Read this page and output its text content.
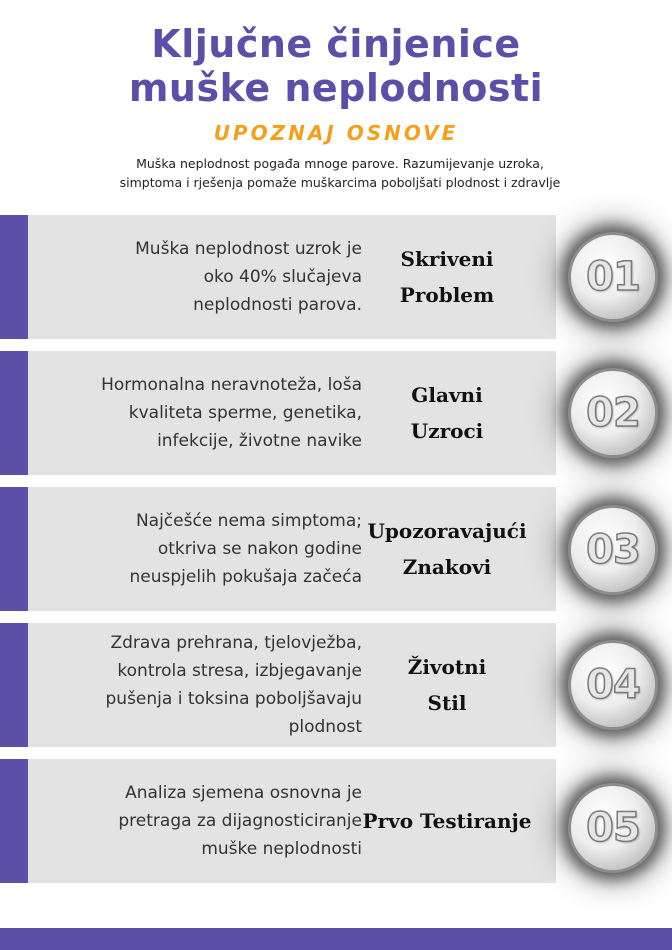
Ključne činjenice
muške neplodnosti
UPOZNAJ OSNOVE
Muška neplodnost pogađa mnoge parove. Razumijevanje uzroka,
simptoma i rješenja pomaže muškarcima poboljšati plodnost i zdravlje
Muška neplodnost uzrok je
oko 40% slučajeva
neplodnosti parova.
Skriveni
Problem 01
Hormonalna neravnoteža, loša
kvaliteta sperme, genetika,
infekcije, životne navike
Glavni
Uzroci	02
Najčešće nema simptoma;
otkriva se nakon godine
neuspjelih pokušaja začeća
Upozoravajući
Znakovi	03
Zdrava prehrana, tjelovježba,
kontrola stresa, izbjegavanje
pušenja i toksina poboljšavaju
plodnost
Životni
Stil	04
Analiza sjemena osnovna je
pretraga za dijagnosticiranje
muške neplodnosti
Prvo Testiranje 05
